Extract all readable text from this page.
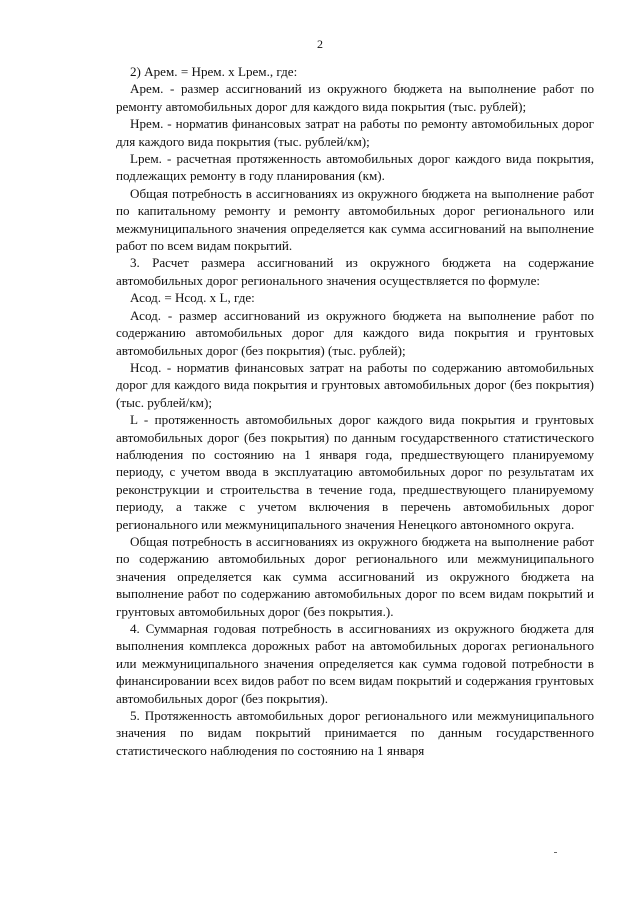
2

2) Арем. = Нрем. х Lрем., где:

Арем. - размер ассигнований из окружного бюджета на выполнение работ по ремонту автомобильных дорог для каждого вида покрытия (тыс. рублей);

Нрем. - норматив финансовых затрат на работы по ремонту автомобильных дорог для каждого вида покрытия (тыс. рублей/км);

Lрем. - расчетная протяженность автомобильных дорог каждого вида покрытия, подлежащих ремонту в году планирования (км).

Общая потребность в ассигнованиях из окружного бюджета на выполнение работ по капитальному ремонту и ремонту автомобильных дорог регионального или межмуниципального значения определяется как сумма ассигнований на выполнение работ по всем видам покрытий.

3. Расчет размера ассигнований из окружного бюджета на содержание автомобильных дорог регионального значения осуществляется по формуле:

Асод. = Нсод. х L, где:

Асод. - размер ассигнований из окружного бюджета на выполнение работ по содержанию автомобильных дорог для каждого вида покрытия и грунтовых автомобильных дорог (без покрытия) (тыс. рублей);

Нсод. - норматив финансовых затрат на работы по содержанию автомобильных дорог для каждого вида покрытия и грунтовых автомобильных дорог (без покрытия) (тыс. рублей/км);

L - протяженность автомобильных дорог каждого вида покрытия и грунтовых автомобильных дорог (без покрытия) по данным государственного статистического наблюдения по состоянию на 1 января года, предшествующего планируемому периоду, с учетом ввода в эксплуатацию автомобильных дорог по результатам их реконструкции и строительства в течение года, предшествующего планируемому периоду, а также с учетом включения в перечень автомобильных дорог регионального или межмуниципального значения Ненецкого автономного округа.

Общая потребность в ассигнованиях из окружного бюджета на выполнение работ по содержанию автомобильных дорог регионального или межмуниципального значения определяется как сумма ассигнований из окружного бюджета на выполнение работ по содержанию автомобильных дорог по всем видам покрытий и грунтовых автомобильных дорог (без покрытия.).

4. Суммарная годовая потребность в ассигнованиях из окружного бюджета для выполнения комплекса дорожных работ на автомобильных дорогах регионального или межмуниципального значения определяется как сумма годовой потребности в финансировании всех видов работ по всем видам покрытий и содержания грунтовых автомобильных дорог (без покрытия).

5. Протяженность автомобильных дорог регионального или межмуниципального значения по видам покрытий принимается по данным государственного статистического наблюдения по состоянию на 1 января
